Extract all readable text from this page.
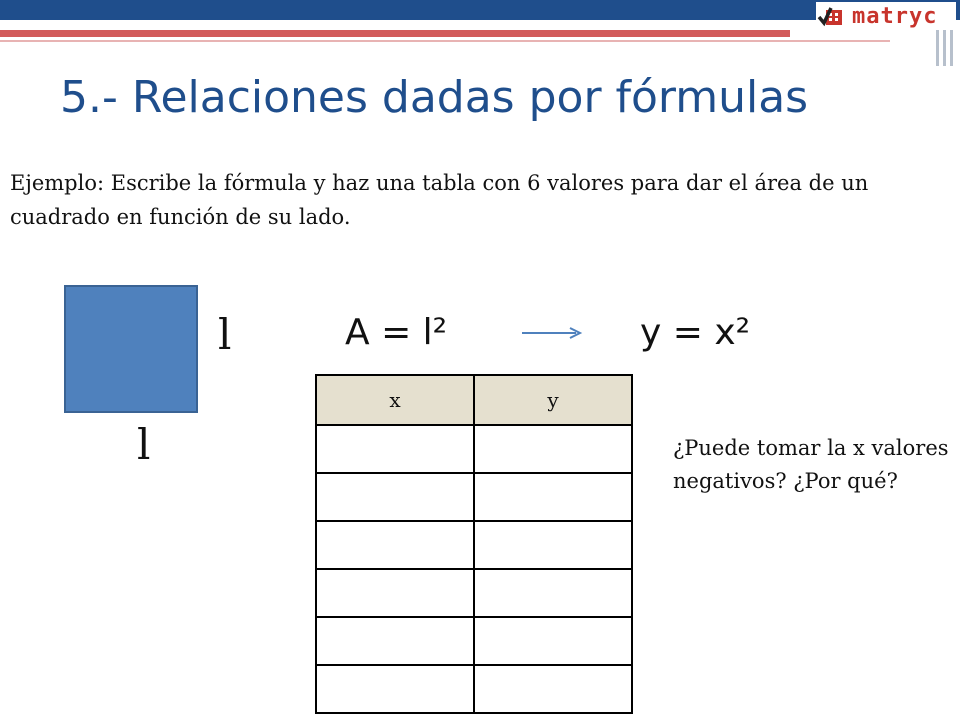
matryc
5.- Relaciones dadas por fórmulas
Ejemplo: Escribe la fórmula y haz una tabla con 6 valores para dar el área de un cuadrado en función de su lado.
l
l
A = l²	y = x²
x	y

¿Puede tomar la x valores negativos? ¿Por qué?
